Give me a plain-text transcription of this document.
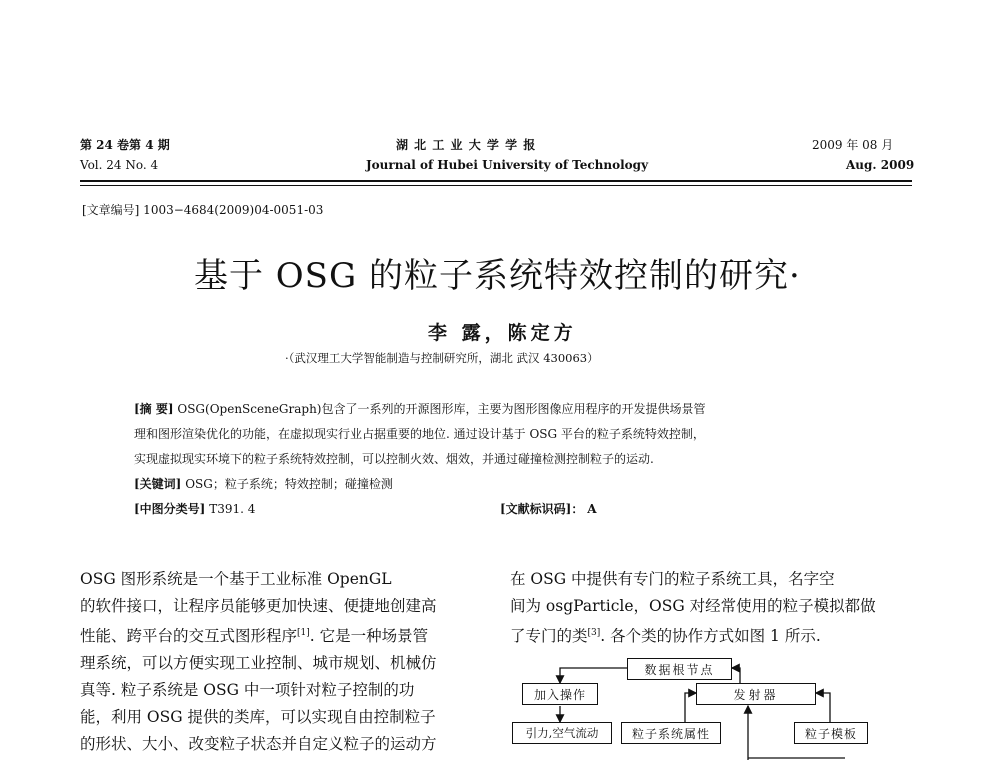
第 24 卷第 4 期
Vol. 24 No. 4
湖 北 工 业 大 学 学 报
Journal of Hubei University of Technology
2009 年 08 月
Aug. 2009
[文章编号] 1003−4684(2009)04-0051-03
基于 OSG 的粒子系统特效控制的研究·
李 露，陈定方
·（武汉理工大学智能制造与控制研究所，湖北 武汉 430063）
[摘 要] OSG(OpenSceneGraph)包含了一系列的开源图形库，主要为图形图像应用程序的开发提供场景管
理和图形渲染优化的功能，在虚拟现实行业占据重要的地位. 通过设计基于 OSG 平台的粒子系统特效控制，
实现虚拟现实环境下的粒子系统特效控制，可以控制火效、烟效，并通过碰撞检测控制粒子的运动.
[关键词] OSG；粒子系统；特效控制；碰撞检测
[中图分类号] T391. 4	[文献标识码]： A
OSG 图形系统是一个基于工业标准 OpenGL
的软件接口，让程序员能够更加快速、便捷地创建高
性能、跨平台的交互式图形程序[1]. 它是一种场景管
理系统，可以方便实现工业控制、城市规划、机械仿
真等. 粒子系统是 OSG 中一项针对粒子控制的功
能，利用 OSG 提供的类库，可以实现自由控制粒子
的形状、大小、改变粒子状态并自定义粒子的运动方
在 OSG 中提供有专门的粒子系统工具，名字空
间为 osgParticle，OSG 对经常使用的粒子模拟都做
了专门的类[3]. 各个类的协作方式如图 1 所示.
数据根节点
加入操作	发射器
引力,空气流动	粒子系统属性	粒子模板
